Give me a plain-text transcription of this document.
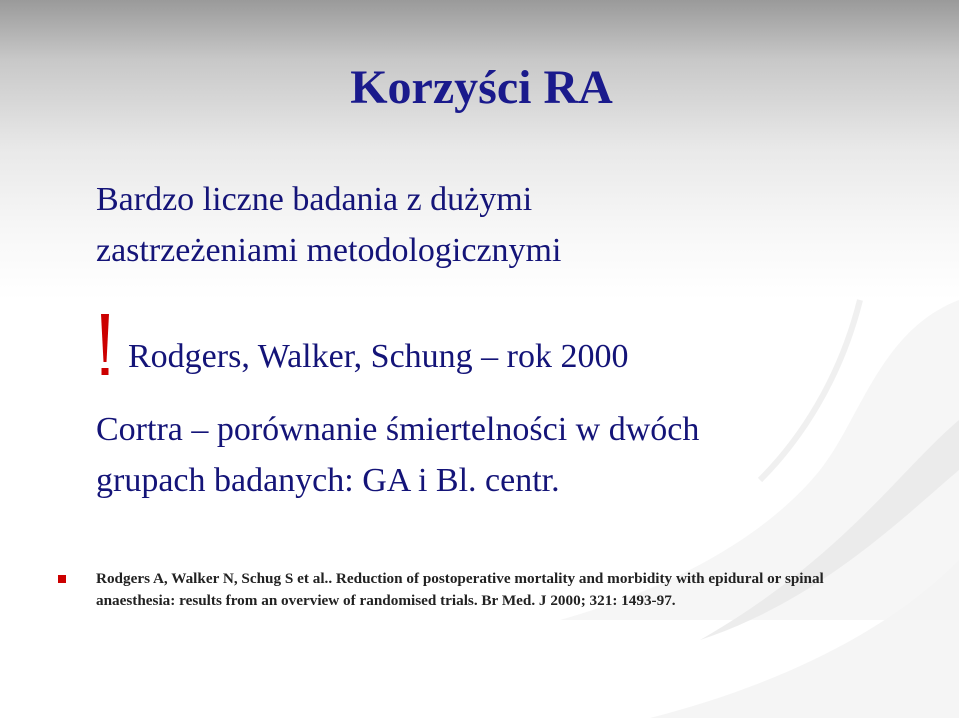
Korzyści RA
Bardzo liczne badania z dużymi
zastrzeżeniami metodologicznymi
Rodgers, Walker, Schung – rok 2000
Cortra – porównanie śmiertelności w dwóch
grupach badanych: GA i Bl. centr.
Rodgers A, Walker N, Schug S et al.. Reduction of postoperative mortality and morbidity with epidural or spinal anaesthesia: results from an overview of randomised trials. Br Med. J 2000; 321: 1493-97.
